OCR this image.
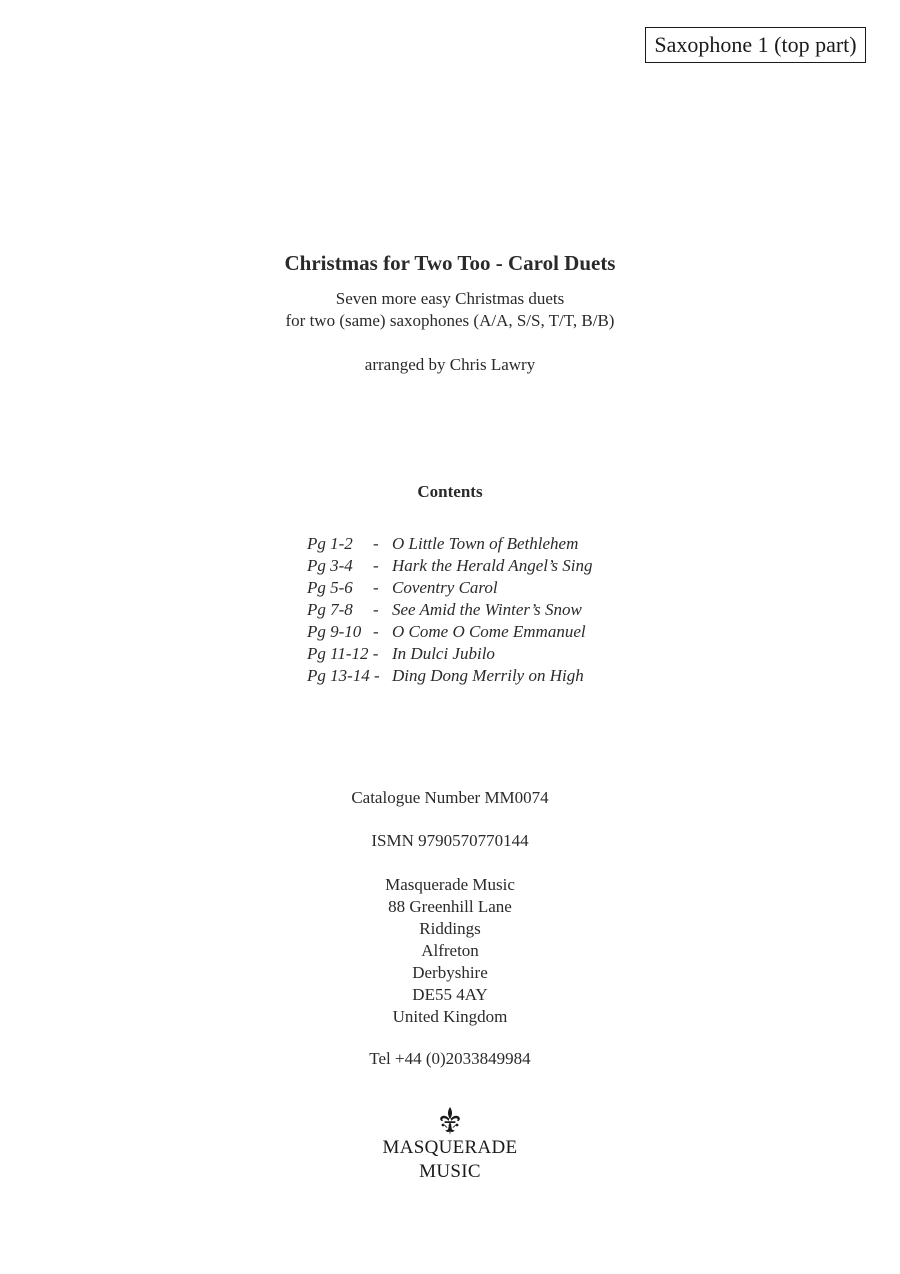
Saxophone 1 (top part)
Christmas for Two Too - Carol Duets
Seven more easy Christmas duets
for two (same) saxophones (A/A, S/S, T/T, B/B)
arranged by Chris Lawry
Contents
Pg 1-2 - O Little Town of Bethlehem
Pg 3-4 - Hark the Herald Angel’s Sing
Pg 5-6 - Coventry Carol
Pg 7-8 - See Amid the Winter’s Snow
Pg 9-10 - O Come O Come Emmanuel
Pg 11-12 - In Dulci Jubilo
Pg 13-14 - Ding Dong Merrily on High
Catalogue Number MM0074
ISMN 9790570770144
Masquerade Music
88 Greenhill Lane
Riddings
Alfreton
Derbyshire
DE55 4AY
United Kingdom
Tel +44 (0)2033849984
MASQUERADE
MUSIC
